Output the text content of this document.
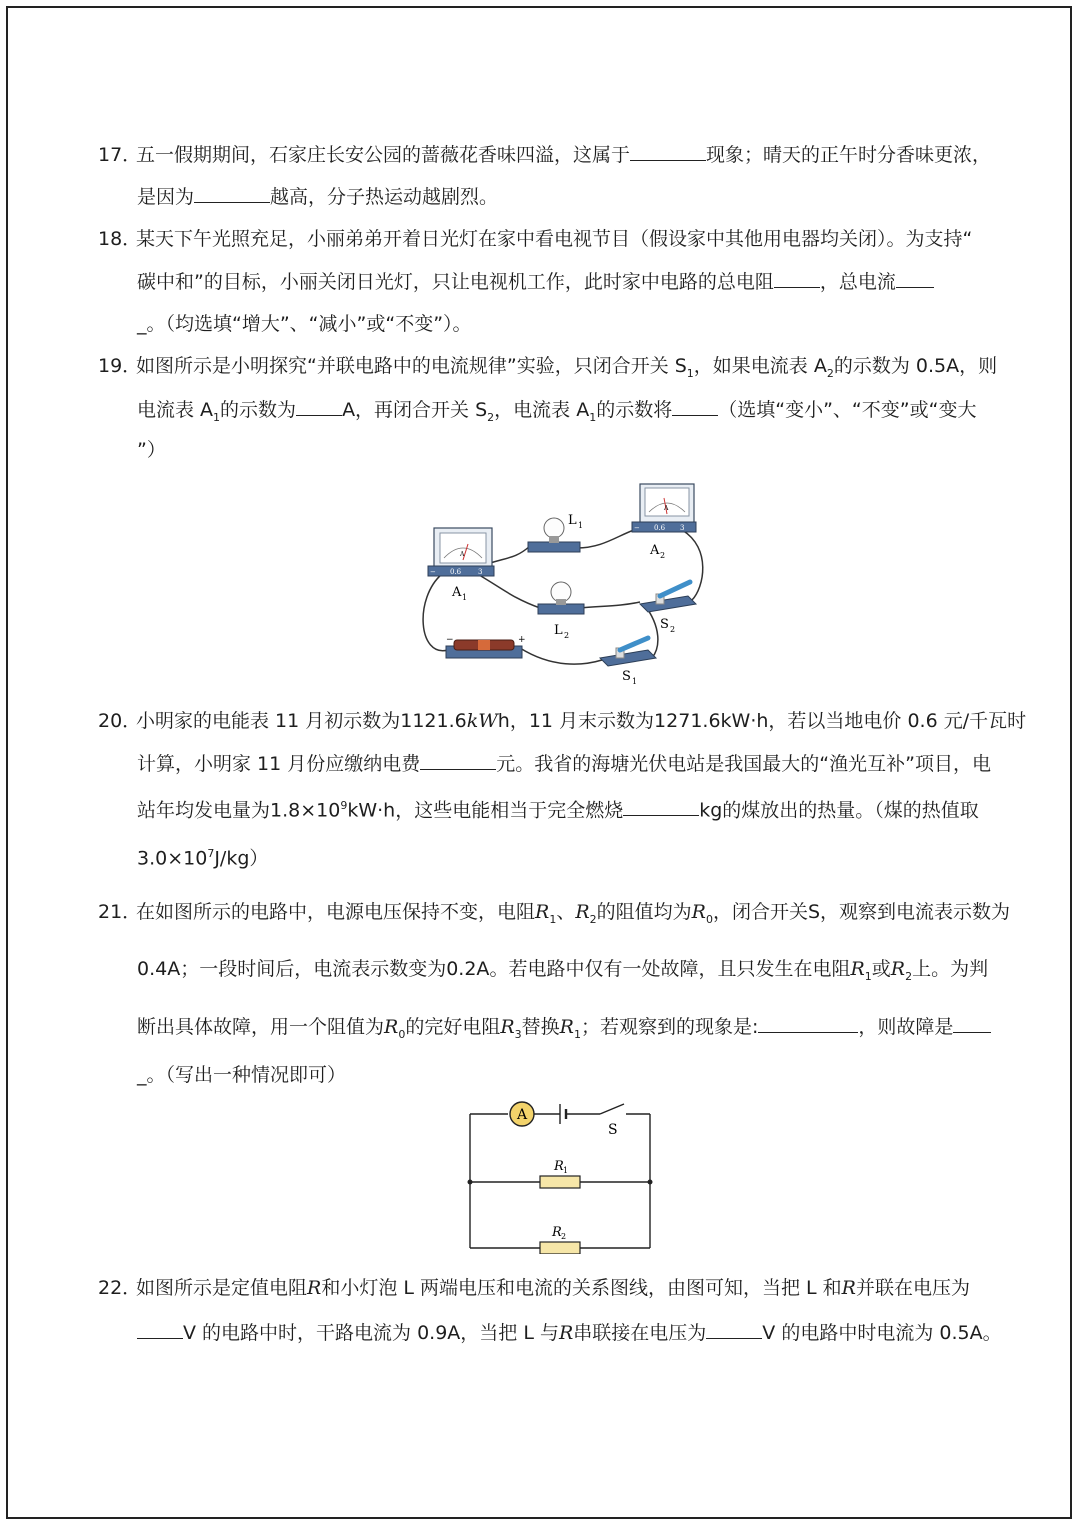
17．五一假期期间，石家庄长安公园的蔷薇花香味四溢，这属于	现象；晴天的正午时分香味更浓，
是因为	越高，分子热运动越剧烈。
18．某天下午光照充足，小丽弟弟开着日光灯在家中看电视节目（假设家中其他用电器均关闭）。为支持“
碳中和”的目标，小丽关闭日光灯，只让电视机工作，此时家中电路的总电阻 ，总电流
_。（均选填“增大”、“减小”或“不变”）。
19．如图所示是小明探究“并联电路中的电流规律”实验，只闭合开关 $S_1$，如果电流表 $A_2$的示数为 0.5A，则
电流表 $A_1$的示数为 A，再闭合开关 $S_2$，电流表 $A_1$的示数将 （选填“变小”、“不变”或“变大
”）
A
− 0.6 3
A 1
A
− 0.6 3
A 2
L 1
L 2
S 2
S 1
−	+
20．小明家的电能表 11 月初示数为1121.6kWh，11 月末示数为1271.6kW·h，若以当地电价 0.6 元/千瓦时
计算，小明家 11 月份应缴纳电费	元。我省的海塘光伏电站是我国最大的“渔光互补”项目，电
站年均发电量为$1.8\times 10^9kW\cdot h$，这些电能相当于完全燃烧	kg的煤放出的热量。（煤的热值取
$3.0\times 10^7J/kg$）
21．在如图所示的电路中，电源电压保持不变，电阻$R_1$、$R_2$的阻值均为$R_0$，闭合开关S，观察到电流表示数为
0.4A；一段时间后，电流表示数变为0.2A。若电路中仅有一处故障，且只发生在电阻$R_1$或$R_2$上。为判
断出具体故障，用一个阻值为$R_0$的完好电阻$R_3$替换$R_1$；若观察到的现象是:	，则故障是
_。（写出一种情况即可）
A
S
R 1
R 2
22．如图所示是定值电阻R和小灯泡 L 两端电压和电流的关系图线，由图可知，当把 L 和R并联在电压为
V 的电路中时，干路电流为 0.9A，当把 L 与R串联接在电压为	V 的电路中时电流为 0.5A。
